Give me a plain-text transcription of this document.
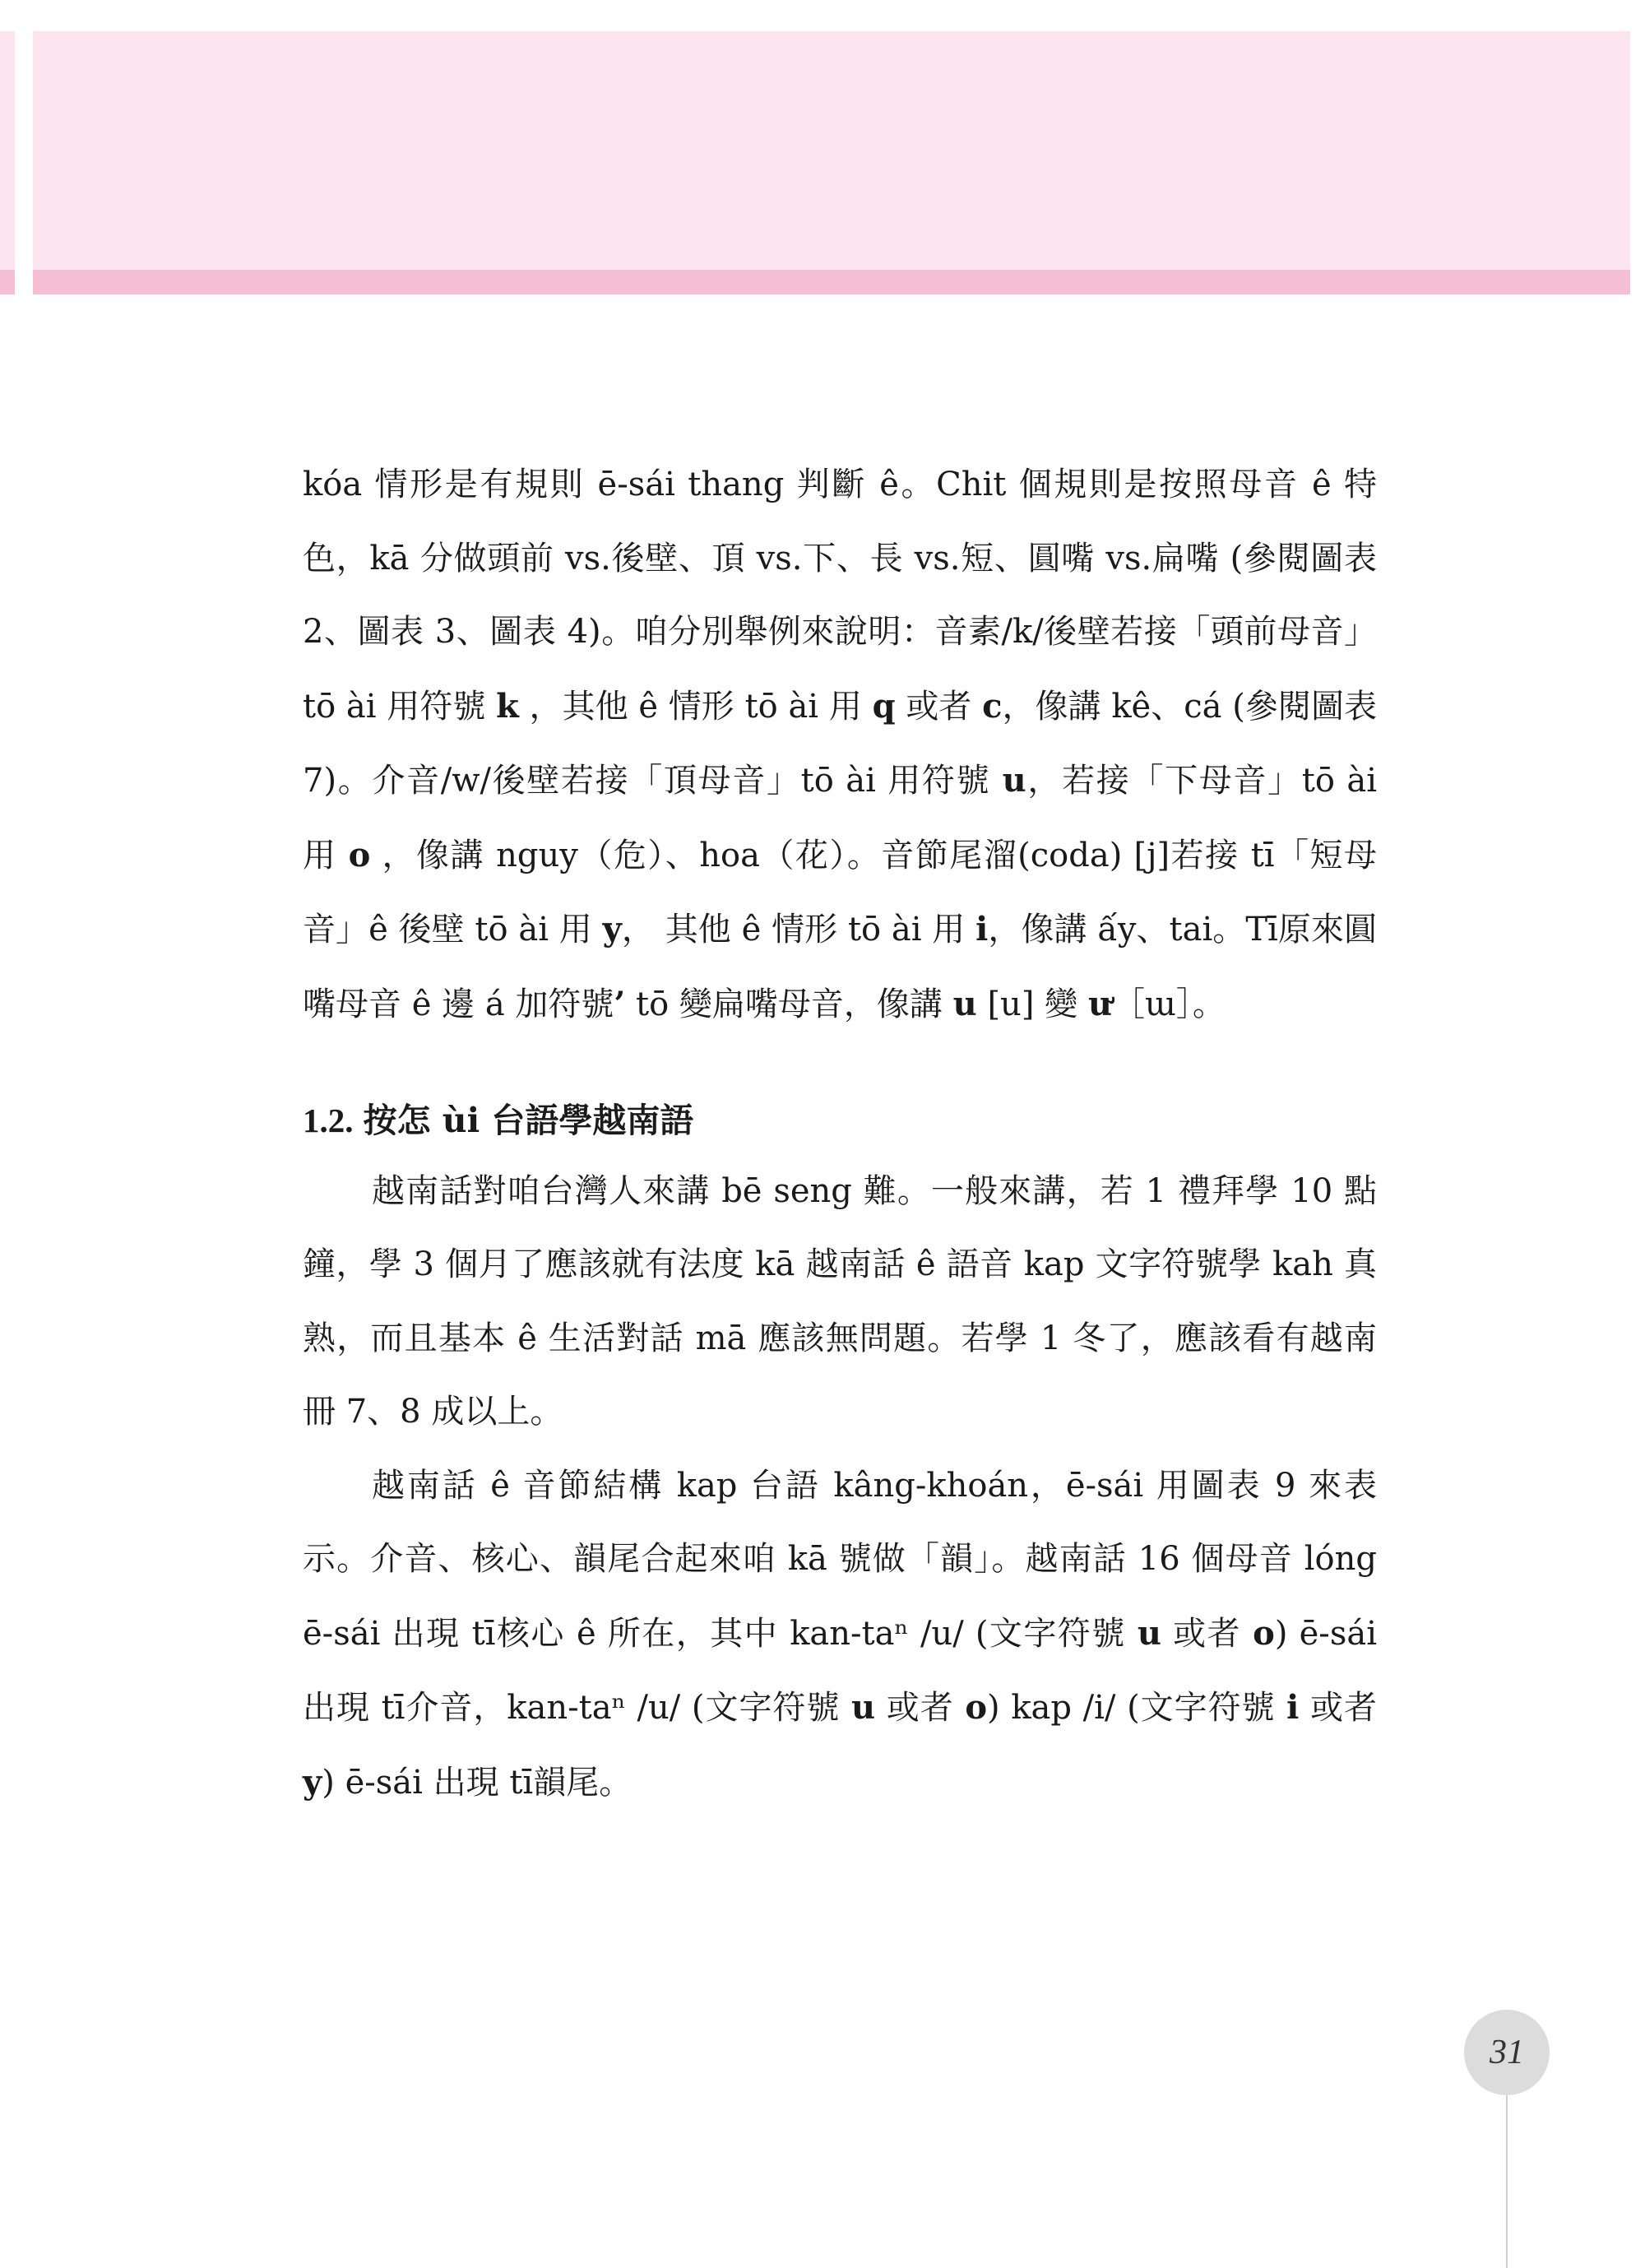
kóa 情形是有規則 ē-sái thang 判斷 ê。Chit 個規則是按照母音 ê 特色，kā 分做頭前 vs.後壁、頂 vs.下、長 vs.短、圓嘴 vs.扁嘴 (參閱圖表 2、圖表 3、圖表 4)。咱分別舉例來說明：音素/k/後壁若接「頭前母音」tō ài 用符號 k ，其他 ê 情形 tō ài 用 q 或者 c，像講 kê、cá (參閱圖表 7)。介音/w/後壁若接「頂母音」tō ài 用符號 u，若接「下母音」tō ài 用 o ，像講 nguy（危）、hoa（花）。音節尾溜(coda) [j]若接 tī「短母音」ê 後壁 tō ài 用 y， 其他 ê 情形 tō ài 用 i，像講 ấy、tai。Tī原來圓嘴母音 ê 邊 á 加符號’ tō 變扁嘴母音，像講 u [u] 變 ư［ɯ］。

1.2. 按怎 ùi 台語學越南語

越南話對咱台灣人來講 bē seng 難。一般來講，若 1 禮拜學 10 點鐘，學 3 個月了應該就有法度 kā 越南話 ê 語音 kap 文字符號學 kah 真熟，而且基本 ê 生活對話 mā 應該無問題。若學 1 冬了，應該看有越南冊 7、8 成以上。

越南話 ê 音節結構 kap 台語 kâng-khoán，ē-sái 用圖表 9 來表示。介音、核心、韻尾合起來咱 kā 號做「韻」。越南話 16 個母音 lóng ē-sái 出現 tī核心 ê 所在，其中 kan-taⁿ /u/ (文字符號 u 或者 o) ē-sái 出現 tī介音，kan-taⁿ /u/ (文字符號 u 或者 o) kap /i/ (文字符號 i 或者 y) ē-sái 出現 tī韻尾。

31
